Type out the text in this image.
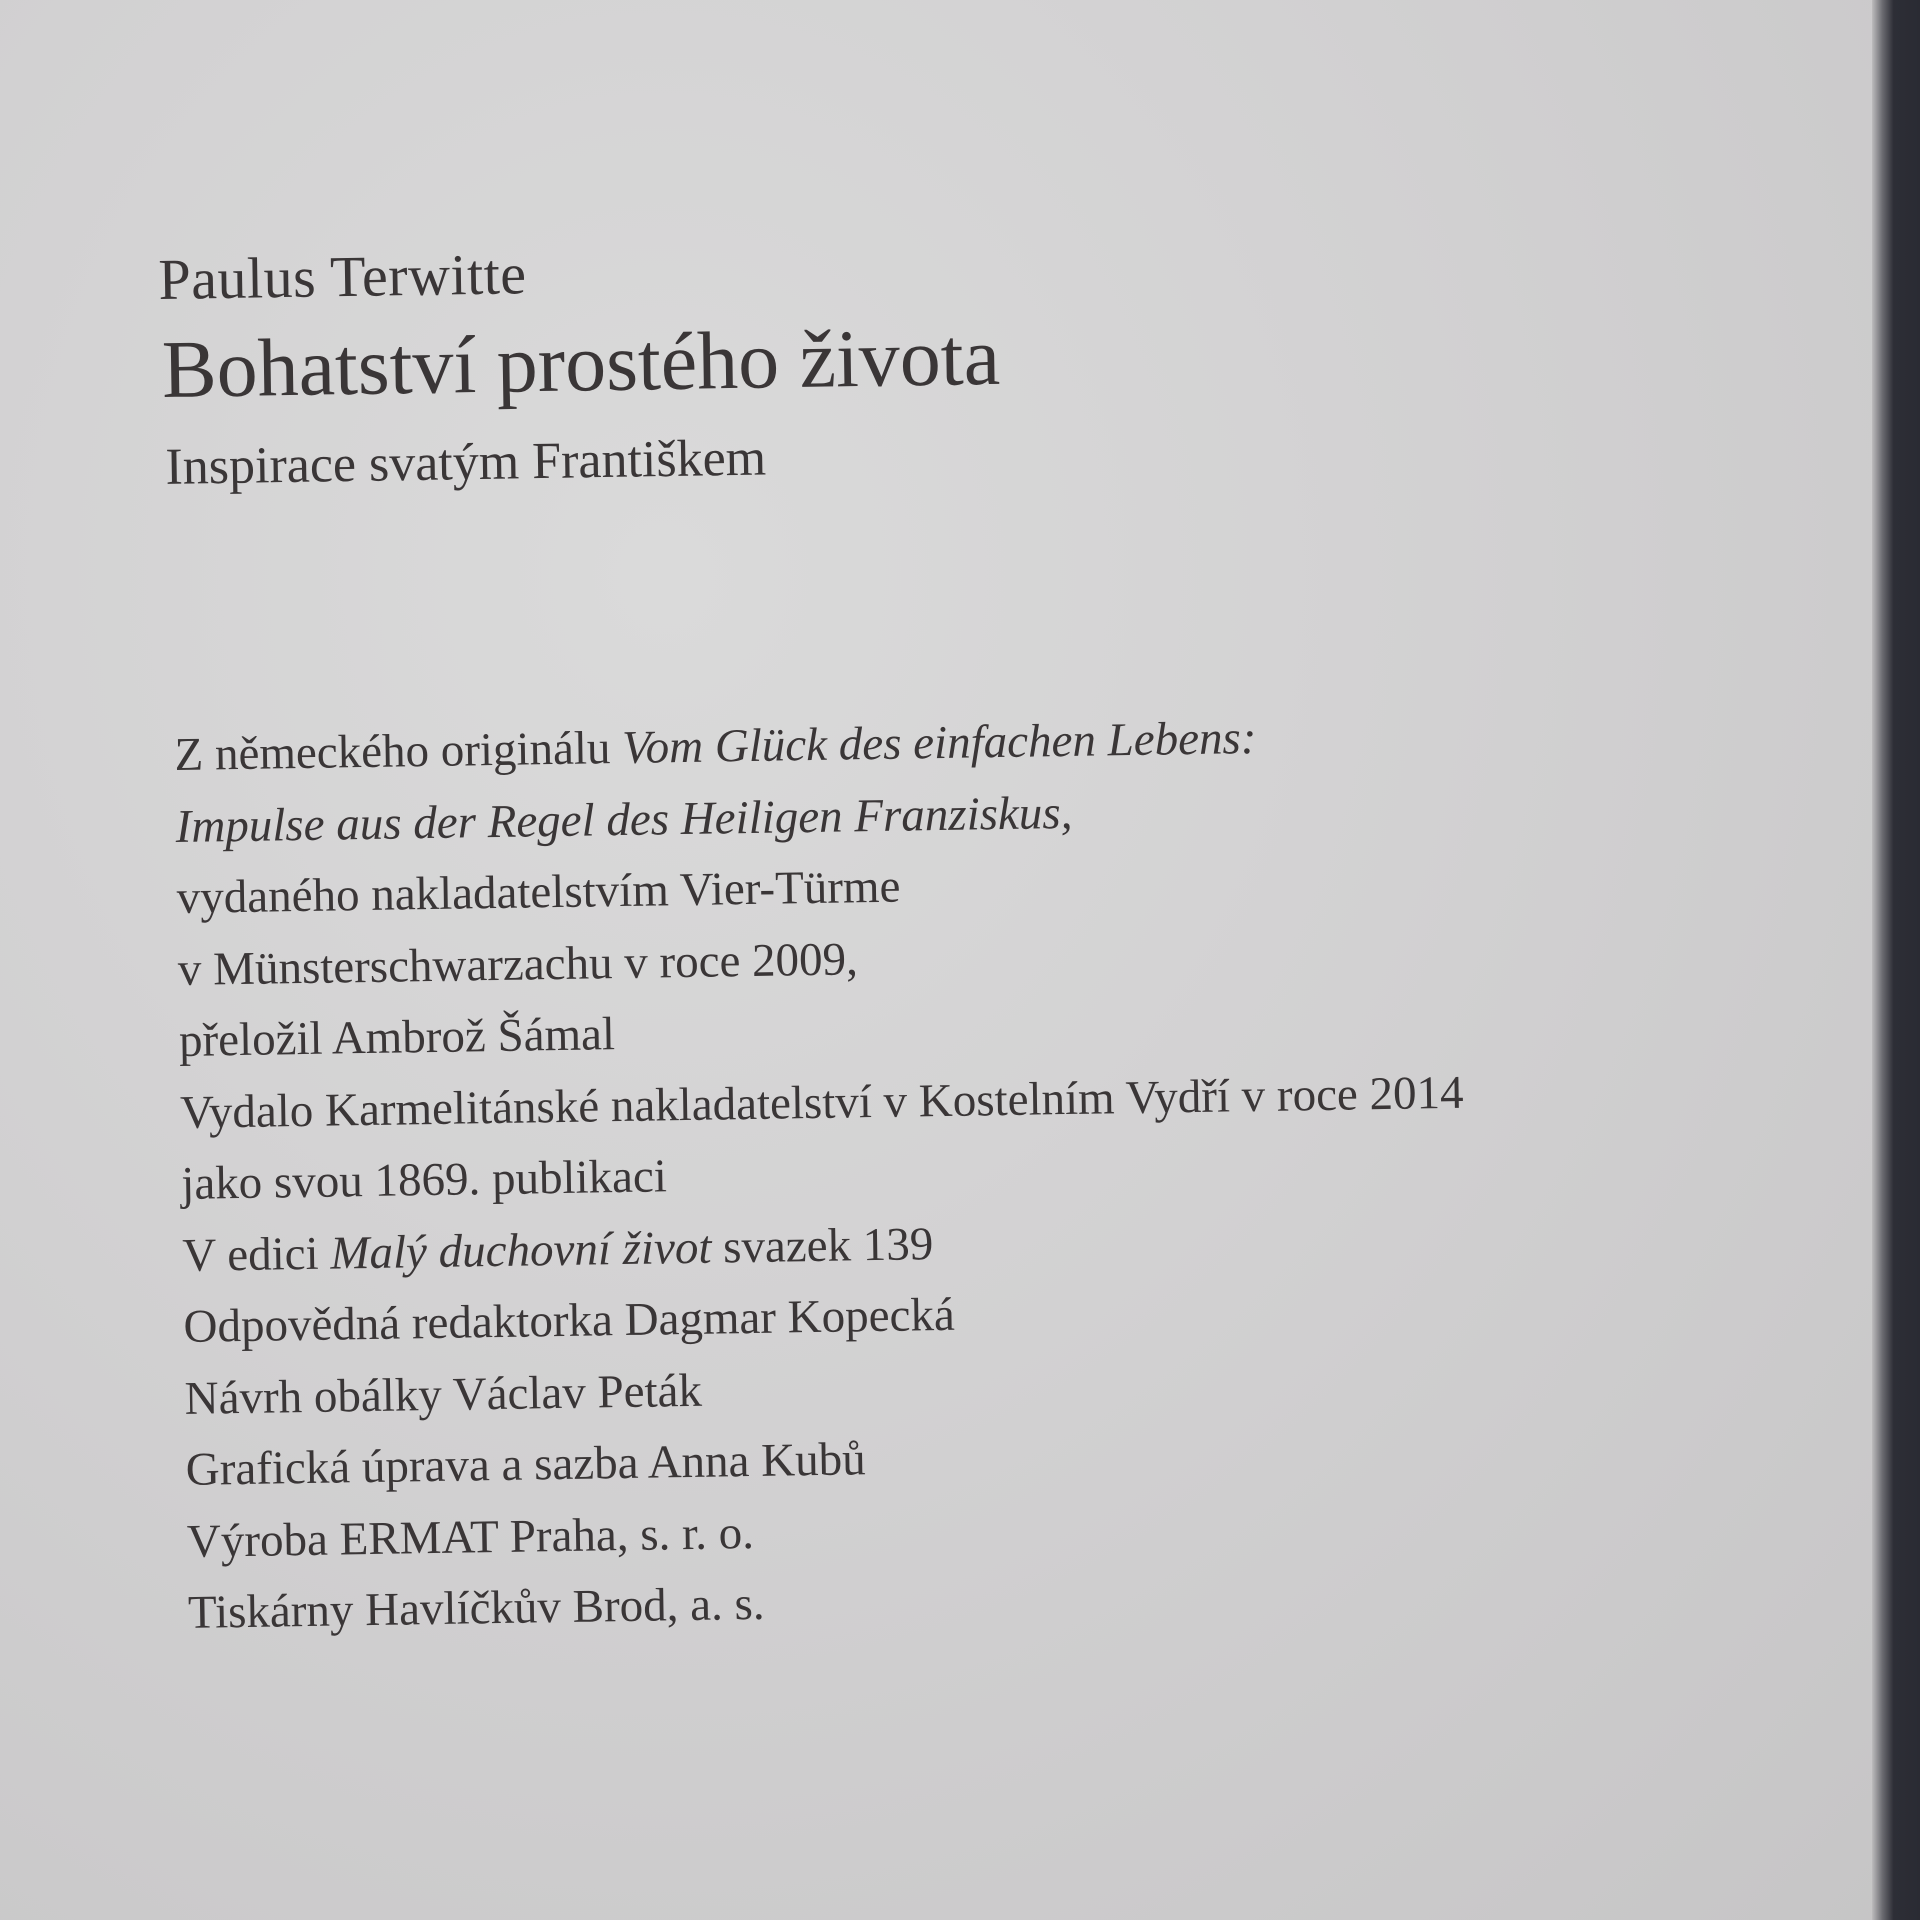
Paulus Terwitte

Bohatství prostého života

Inspirace svatým Františkem

Z německého originálu Vom Glück des einfachen Lebens:

Impulse aus der Regel des Heiligen Franziskus,

vydaného nakladatelstvím Vier-Türme

v Münsterschwarzachu v roce 2009,

přeložil Ambrož Šámal

Vydalo Karmelitánské nakladatelství v Kostelním Vydří v roce 2014

jako svou 1869. publikaci

V edici Malý duchovní život svazek 139

Odpovědná redaktorka Dagmar Kopecká

Návrh obálky Václav Peták

Grafická úprava a sazba Anna Kubů

Výroba ERMAT Praha, s. r. o.

Tiskárny Havlíčkův Brod, a. s.
